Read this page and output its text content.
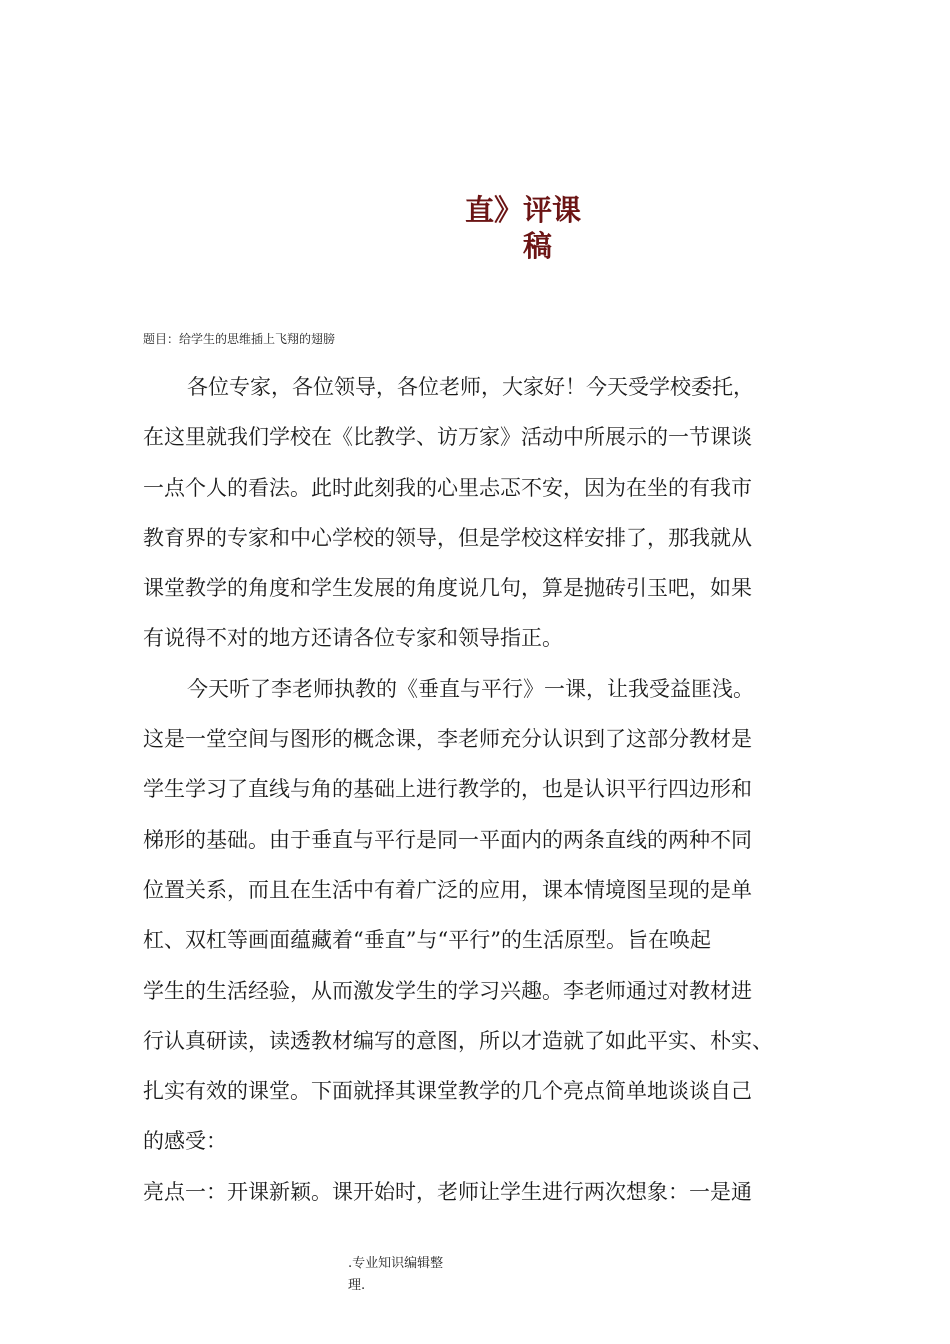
直》评课
稿
题目：给学生的思维插上飞翔的翅膀
各位专家，各位领导，各位老师，大家好！今天受学校委托，
在这里就我们学校在《比教学、访万家》活动中所展示的一节课谈
一点个人的看法。此时此刻我的心里忐忑不安，因为在坐的有我市
教育界的专家和中心学校的领导，但是学校这样安排了，那我就从
课堂教学的角度和学生发展的角度说几句，算是抛砖引玉吧，如果
有说得不对的地方还请各位专家和领导指正。
今天听了李老师执教的《垂直与平行》一课，让我受益匪浅。
这是一堂空间与图形的概念课，李老师充分认识到了这部分教材是
学生学习了直线与角的基础上进行教学的，也是认识平行四边形和
梯形的基础。由于垂直与平行是同一平面内的两条直线的两种不同
位置关系，而且在生活中有着广泛的应用，课本情境图呈现的是单
杠、双杠等画面蕴藏着“垂直”与“平行”的生活原型。旨在唤起
学生的生活经验，从而激发学生的学习兴趣。李老师通过对教材进
行认真研读，读透教材编写的意图，所以才造就了如此平实、朴实、
扎实有效的课堂。下面就择其课堂教学的几个亮点简单地谈谈自己
的感受：
亮点一：开课新颖。课开始时，老师让学生进行两次想象：一是通
.专业知识编辑整
理.
